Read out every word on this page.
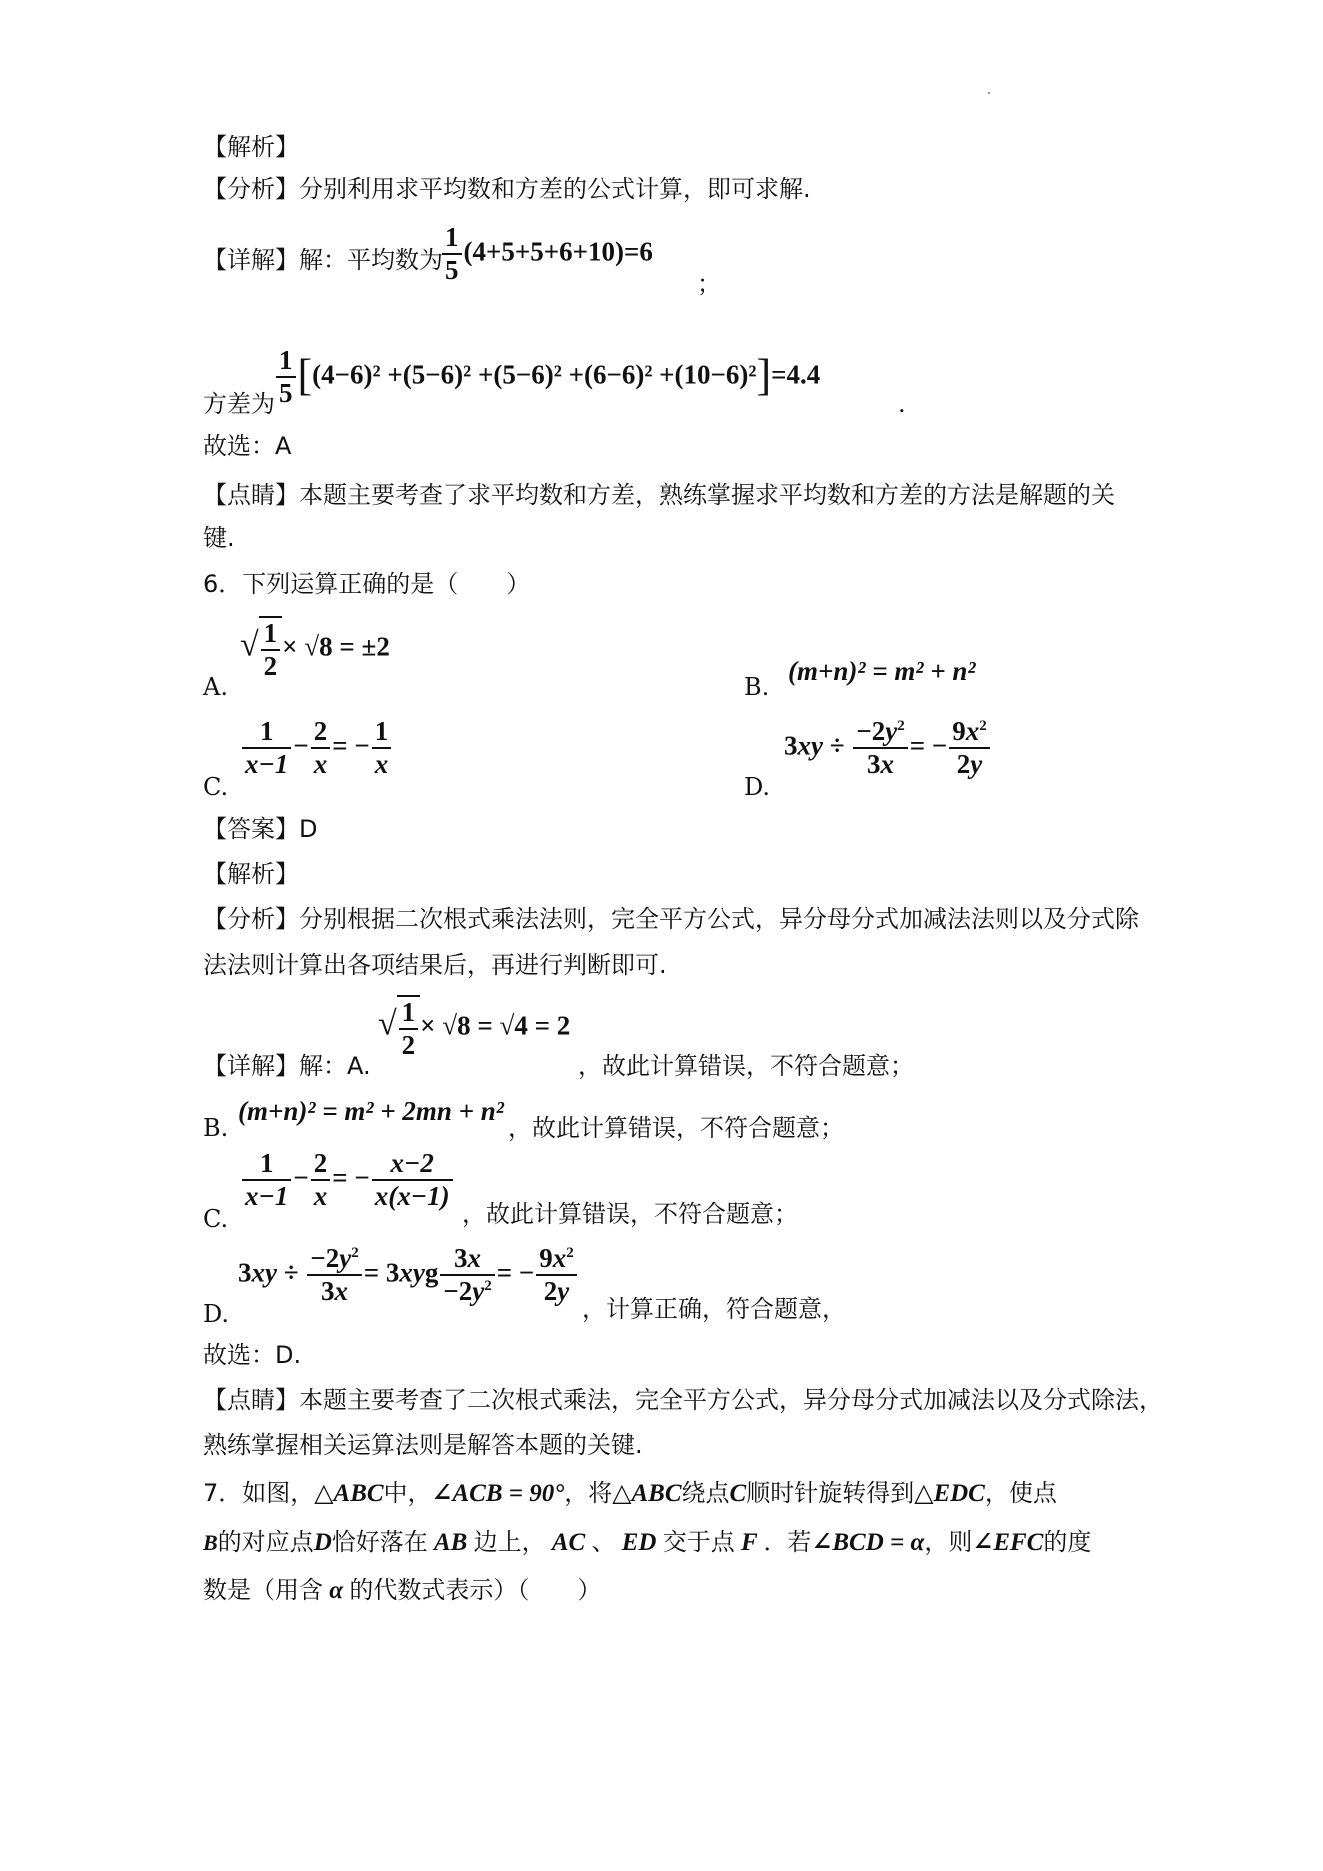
【解析】
【分析】分别利用求平均数和方差的公式计算，即可求解.
【详解】解：平均数为 $\frac{1}{5} (4+5+5+6+10)=6$
；
方差为 $\frac{1}{5} [(4-6)^2 +(5-6)^2 +(5-6)^2 +(6-6)^2 +(10-6)^2]=4.4$
.
故选：A
【点睛】本题主要考查了求平均数和方差，熟练掌握求平均数和方差的方法是解题的关
键.
6．下列运算正确的是（　　）
A.
√ $\frac{1}{2} \times √8 = \pm 2$
B.
(m+n)² = m² + n²
C.
$\frac{1}{x-1} - \frac{2}{x}$ = − $\frac{1}{x}$
D.
$3xy \div \frac{-2y^2}{3x}$ = − $\frac{9x^2}{2y}$
【答案】D
【解析】
【分析】分别根据二次根式乘法法则，完全平方公式，异分母分式加减法法则以及分式除
法法则计算出各项结果后，再进行判断即可.
【详解】解：A.
√ $\frac{1}{2} \times √8 = √4 = 2$
，故此计算错误，不符合题意；
B.
(m+n)² = m² + 2mn + n²
，故此计算错误，不符合题意；
C.
$\frac{1}{x-1} - \frac{2}{x}$ = − $\frac{x-2}{x(x-1)}$
，故此计算错误，不符合题意；
D.
$3xy \div \frac{-2y^2}{3x} = 3xyg \frac{3x}{-2y^2}$ = − $\frac{9x^2}{2y}$
，计算正确，符合题意，
故选：D.
【点睛】本题主要考查了二次根式乘法，完全平方公式，异分母分式加减法以及分式除法，
熟练掌握相关运算法则是解答本题的关键.
7．如图，△ABC中，∠ACB = 90°，将△ABC绕点C顺时针旋转得到△EDC，使点
B的对应点D恰好落在 AB 边上， AC 、 ED 交于点 F ．若∠BCD = α，则∠EFC的度
数是（用含 α 的代数式表示）（　　）
